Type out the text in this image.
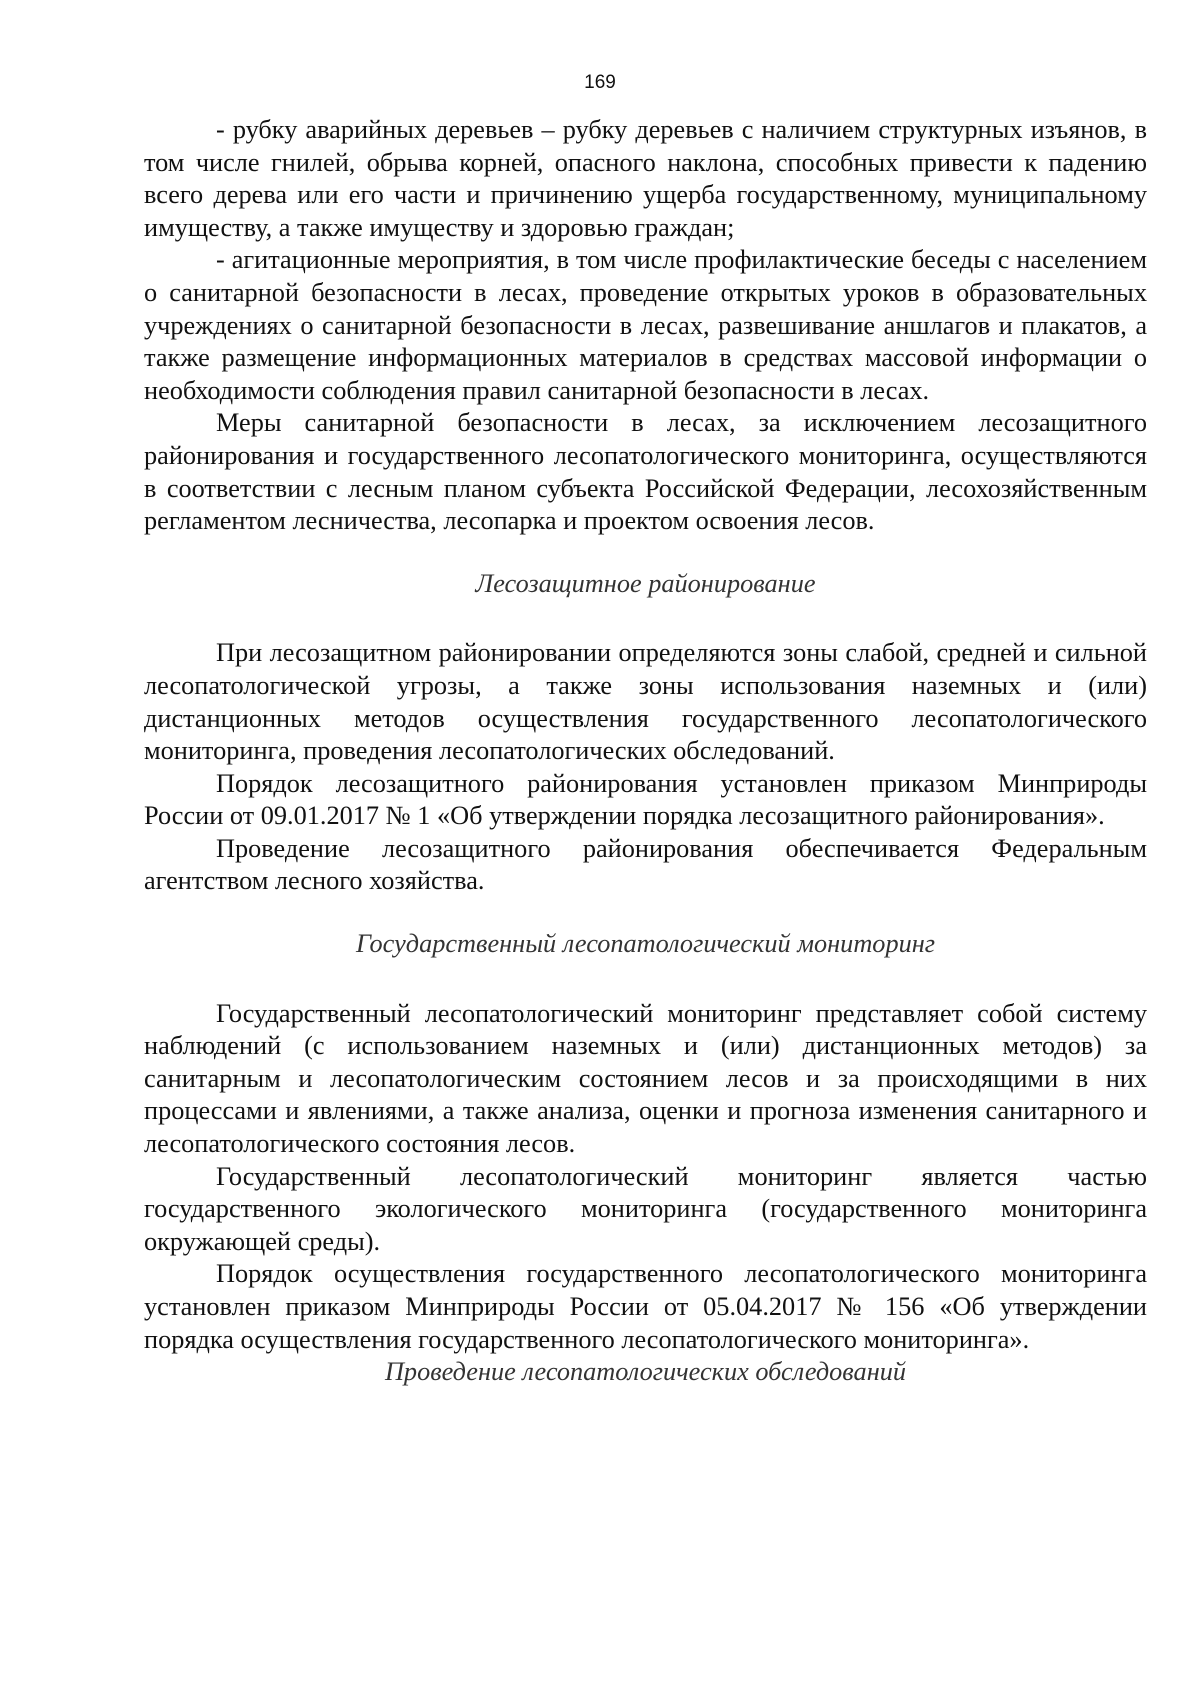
169

- рубку аварийных деревьев – рубку деревьев с наличием структурных изъянов, в том числе гнилей, обрыва корней, опасного наклона, способных привести к падению всего дерева или его части и причинению ущерба государственному, муниципальному имуществу, а также имуществу и здоровью граждан;

- агитационные мероприятия, в том числе профилактические беседы с населением о санитарной безопасности в лесах, проведение открытых уроков в образовательных учреждениях о санитарной безопасности в лесах, развешивание аншлагов и плакатов, а также размещение информационных материалов в средствах массовой информации о необходимости соблюдения правил санитарной безопасности в лесах.

Меры санитарной безопасности в лесах, за исключением лесозащитного районирования и государственного лесопатологического мониторинга, осуществляются в соответствии с лесным планом субъекта Российской Федерации, лесохозяйственным регламентом лесничества, лесопарка и проектом освоения лесов.

Лесозащитное районирование

При лесозащитном районировании определяются зоны слабой, средней и сильной лесопатологической угрозы, а также зоны использования наземных и (или) дистанционных методов осуществления государственного лесопатологического мониторинга, проведения лесопатологических обследований.

Порядок лесозащитного районирования установлен приказом Минприроды России от 09.01.2017 № 1 «Об утверждении порядка лесозащитного районирования».

Проведение лесозащитного районирования обеспечивается Федеральным агентством лесного хозяйства.

Государственный лесопатологический мониторинг

Государственный лесопатологический мониторинг представляет собой систему наблюдений (с использованием наземных и (или) дистанционных методов) за санитарным и лесопатологическим состоянием лесов и за происходящими в них процессами и явлениями, а также анализа, оценки и прогноза изменения санитарного и лесопатологического состояния лесов.

Государственный лесопатологический мониторинг является частью государственного экологического мониторинга (государственного мониторинга окружающей среды).

Порядок осуществления государственного лесопатологического мониторинга установлен приказом Минприроды России от 05.04.2017 № 156 «Об утверждении порядка осуществления государственного лесопатологического мониторинга».

Проведение лесопатологических обследований
